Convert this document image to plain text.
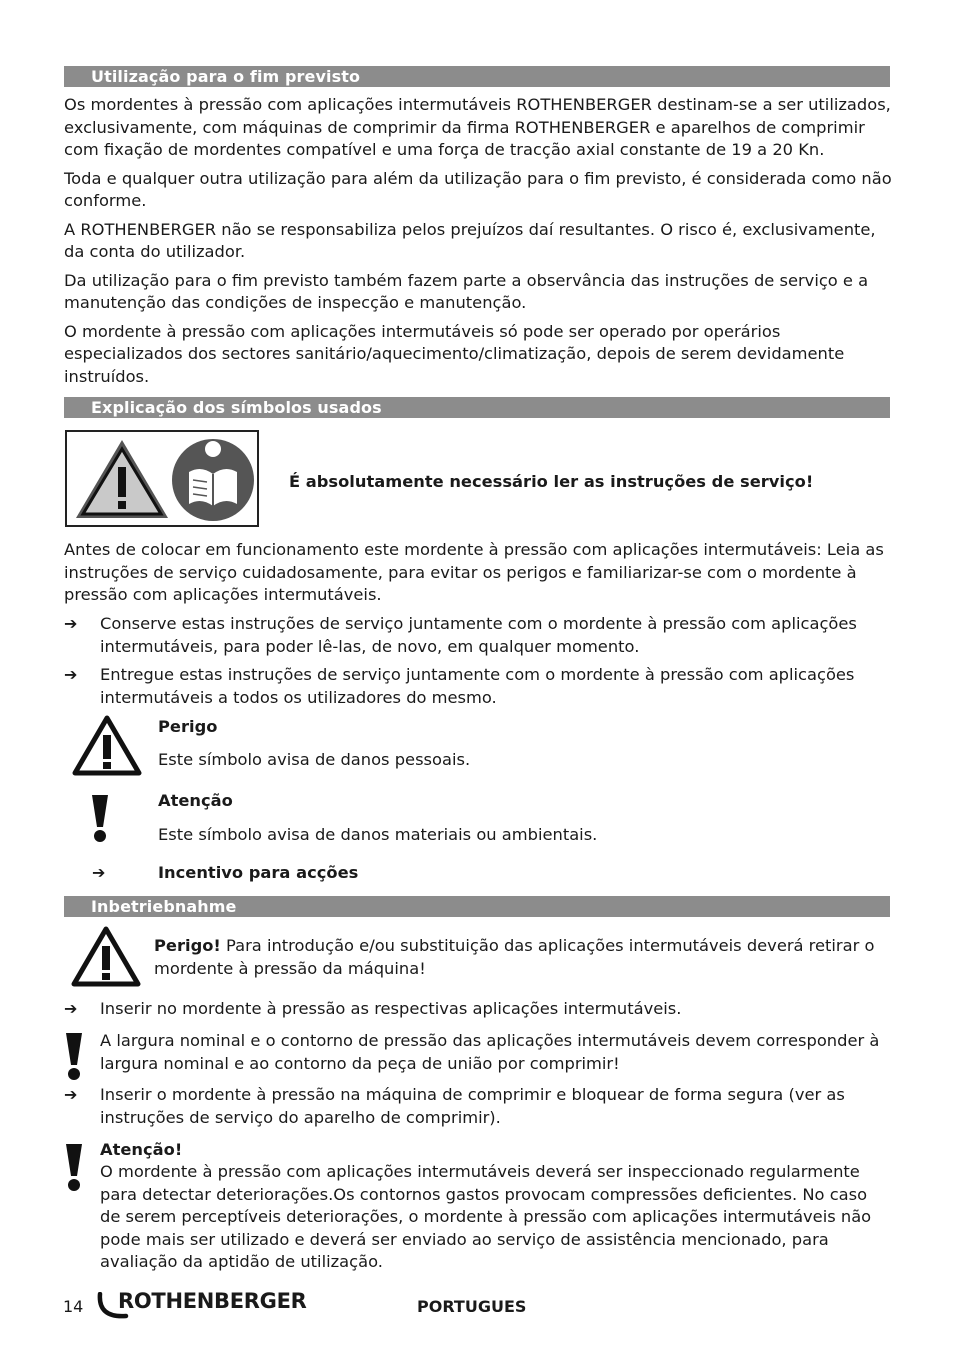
Utilização para o fim previsto

Os mordentes à pressão com aplicações intermutáveis ROTHENBERGER destinam-se a ser utilizados, exclusivamente, com máquinas de comprimir da firma ROTHENBERGER e aparelhos de comprimir com fixação de mordentes compatível e uma força de tracção axial constante de 19 a 20 Kn.

Toda e qualquer outra utilização para além da utilização para o fim previsto, é considerada como não conforme.

A ROTHENBERGER não se responsabiliza pelos prejuízos daí resultantes. O risco é, exclusivamente, da conta do utilizador.

Da utilização para o fim previsto também fazem parte a observância das instruções de serviço e a manutenção das condições de inspecção e manutenção.

O mordente à pressão com aplicações intermutáveis só pode ser operado por operários especializados dos sectores sanitário/aquecimento/climatização, depois de serem devidamente instruídos.

Explicação dos símbolos usados

É absolutamente necessário ler as instruções de serviço!

Antes de colocar em funcionamento este mordente à pressão com aplicações intermutáveis: Leia as instruções de serviço cuidadosamente, para evitar os perigos e familiarizar-se com o mordente à pressão com aplicações intermutáveis.

➔	Conserve estas instruções de serviço juntamente com o mordente à pressão com aplicações intermutáveis, para poder lê-las, de novo, em qualquer momento.

➔	Entregue estas instruções de serviço juntamente com o mordente à pressão com aplicações intermutáveis a todos os utilizadores do mesmo.

Perigo

Este símbolo avisa de danos pessoais.

Atenção

Este símbolo avisa de danos materiais ou ambientais.

➔	Incentivo para acções

Inbetriebnahme

Perigo! Para introdução e/ou substituição das aplicações intermutáveis deverá retirar o mordente à pressão da máquina!

➔	Inserir no mordente à pressão as respectivas aplicações intermutáveis.

A largura nominal e o contorno de pressão das aplicações intermutáveis devem corresponder à largura nominal e ao contorno da peça de união por comprimir!

➔	Inserir o mordente à pressão na máquina de comprimir e bloquear de forma segura (ver as instruções de serviço do aparelho de comprimir).

Atenção!

O mordente à pressão com aplicações intermutáveis deverá ser inspeccionado regularmente para detectar deteriorações.Os contornos gastos provocam compressões deficientes. No caso de serem perceptíveis deteriorações, o mordente à pressão com aplicações intermutáveis não pode mais ser utilizado e deverá ser enviado ao serviço de assistência mencionado, para avaliação da aptidão de utilização.

14 ROTHENBERGER	PORTUGUES
